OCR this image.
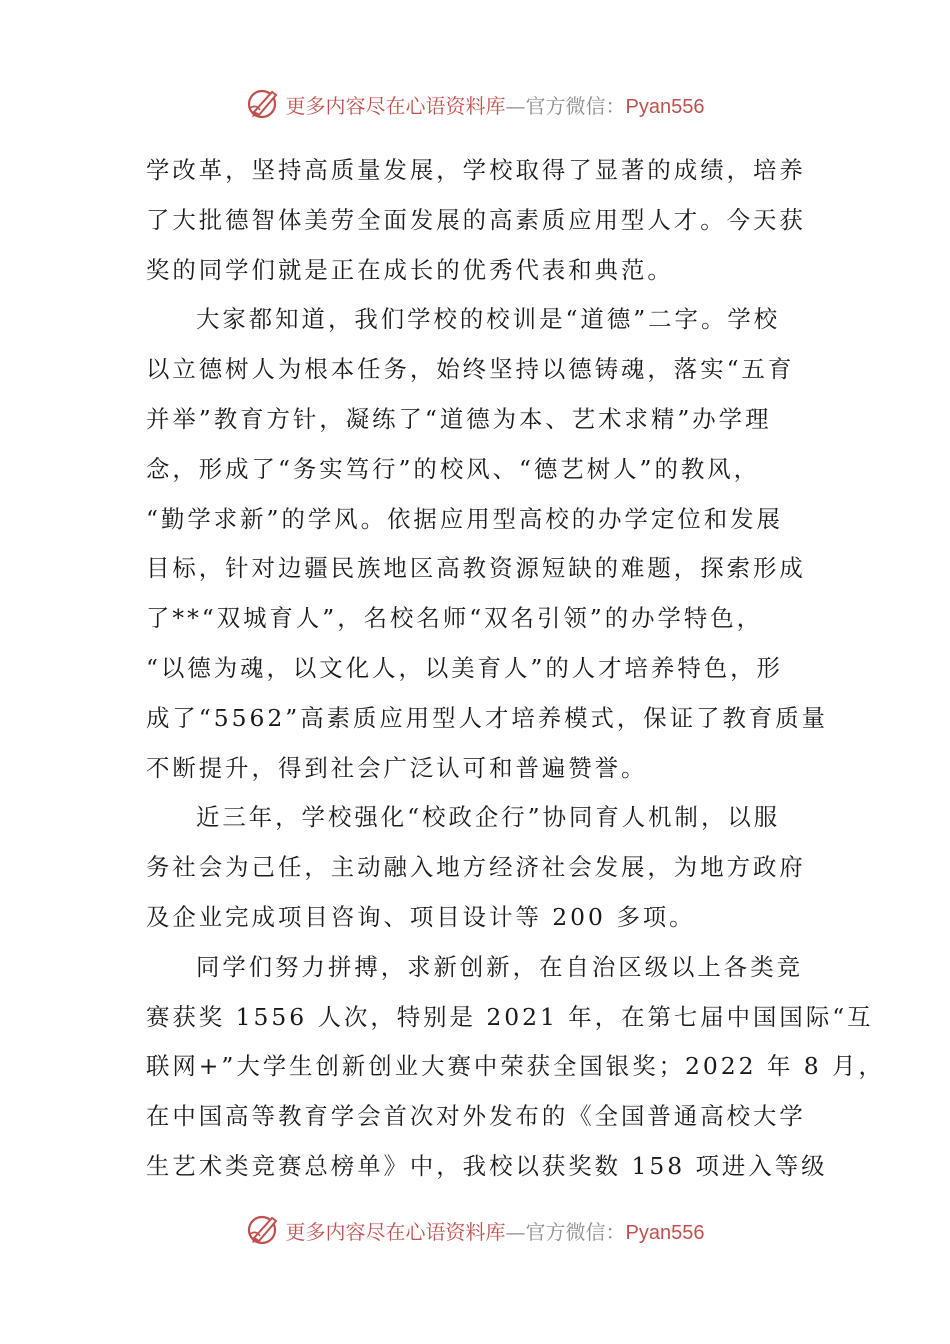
更多内容尽在心语资料库—官方微信：Pyan556
学改革，坚持高质量发展，学校取得了显著的成绩，培养
了大批德智体美劳全面发展的高素质应用型人才。今天获
奖的同学们就是正在成长的优秀代表和典范。
大家都知道，我们学校的校训是“道德”二字。学校
以立德树人为根本任务，始终坚持以德铸魂，落实“五育
并举”教育方针，凝练了“道德为本、艺术求精”办学理
念，形成了“务实笃行”的校风、“德艺树人”的教风，
“勤学求新”的学风。依据应用型高校的办学定位和发展
目标，针对边疆民族地区高教资源短缺的难题，探索形成
了**“双城育人”，名校名师“双名引领”的办学特色，
“以德为魂，以文化人，以美育人”的人才培养特色，形
成了“5562”高素质应用型人才培养模式，保证了教育质量
不断提升，得到社会广泛认可和普遍赞誉。
近三年，学校强化“校政企行”协同育人机制，以服
务社会为己任，主动融入地方经济社会发展，为地方政府
及企业完成项目咨询、项目设计等 200 多项。
同学们努力拼搏，求新创新，在自治区级以上各类竞
赛获奖 1556 人次，特别是 2021 年，在第七届中国国际“互
联网+”大学生创新创业大赛中荣获全国银奖；2022 年 8 月，
在中国高等教育学会首次对外发布的《全国普通高校大学
生艺术类竞赛总榜单》中，我校以获奖数 158 项进入等级
更多内容尽在心语资料库—官方微信：Pyan556
